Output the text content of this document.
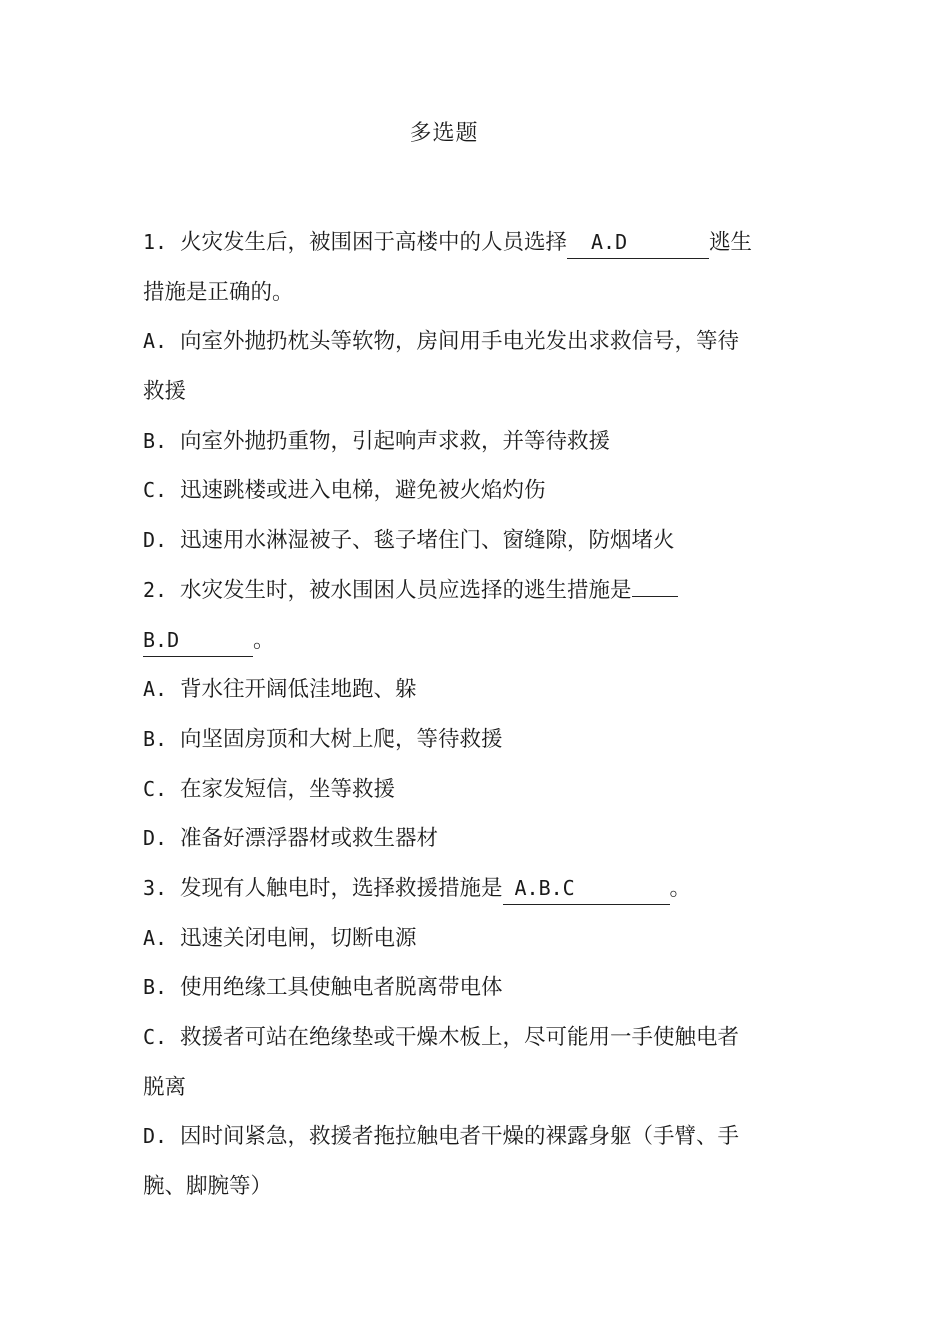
多选题
1. 火灾发生后，被围困于高楼中的人员选择 A.D	逃生
措施是正确的。
A. 向室外抛扔枕头等软物，房间用手电光发出求救信号，等待
救援
B. 向室外抛扔重物，引起响声求救，并等待救援
C. 迅速跳楼或进入电梯，避免被火焰灼伤
D. 迅速用水淋湿被子、毯子堵住门、窗缝隙，防烟堵火
2. 水灾发生时，被水围困人员应选择的逃生措施是
B.D	。
A. 背水往开阔低洼地跑、躲
B. 向坚固房顶和大树上爬，等待救援
C. 在家发短信，坐等救援
D. 准备好漂浮器材或救生器材
3. 发现有人触电时，选择救援措施是 A.B.C	。
A. 迅速关闭电闸，切断电源
B. 使用绝缘工具使触电者脱离带电体
C. 救援者可站在绝缘垫或干燥木板上，尽可能用一手使触电者
脱离
D. 因时间紧急，救援者拖拉触电者干燥的裸露身躯（手臂、手
腕、脚腕等）
